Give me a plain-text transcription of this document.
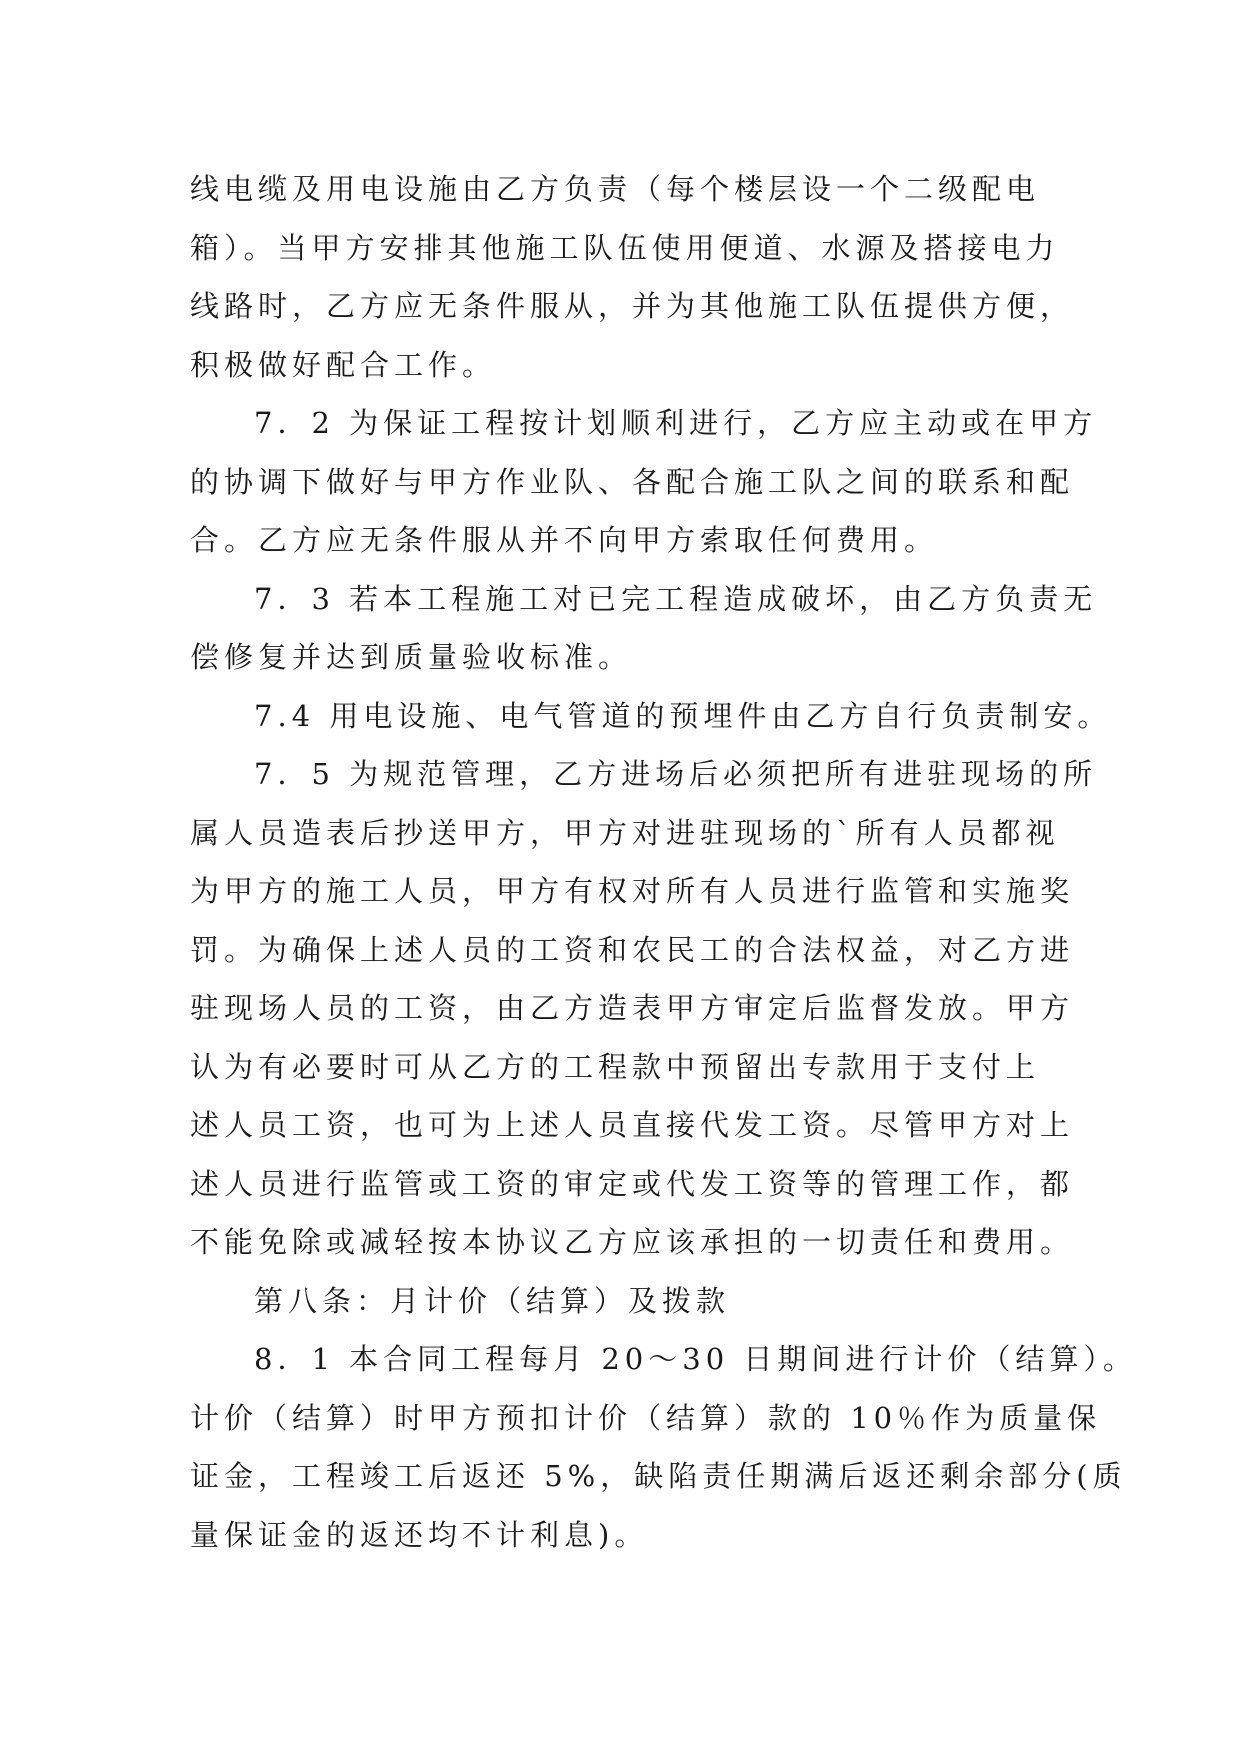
线电缆及用电设施由乙方负责（每个楼层设一个二级配电
箱）。当甲方安排其他施工队伍使用便道、水源及搭接电力
线路时，乙方应无条件服从，并为其他施工队伍提供方便，
积极做好配合工作。
7．2 为保证工程按计划顺利进行，乙方应主动或在甲方
的协调下做好与甲方作业队、各配合施工队之间的联系和配
合。乙方应无条件服从并不向甲方索取任何费用。
7．3 若本工程施工对已完工程造成破坏，由乙方负责无
偿修复并达到质量验收标准。
7.4 用电设施、电气管道的预埋件由乙方自行负责制安。
7．5 为规范管理，乙方进场后必须把所有进驻现场的所
属人员造表后抄送甲方，甲方对进驻现场的`所有人员都视
为甲方的施工人员，甲方有权对所有人员进行监管和实施奖
罚。为确保上述人员的工资和农民工的合法权益，对乙方进
驻现场人员的工资，由乙方造表甲方审定后监督发放。甲方
认为有必要时可从乙方的工程款中预留出专款用于支付上
述人员工资，也可为上述人员直接代发工资。尽管甲方对上
述人员进行监管或工资的审定或代发工资等的管理工作，都
不能免除或减轻按本协议乙方应该承担的一切责任和费用。
第八条：月计价（结算）及拨款
8．1 本合同工程每月 20～30 日期间进行计价（结算）。
计价（结算）时甲方预扣计价（结算）款的 10％作为质量保
证金，工程竣工后返还 5%，缺陷责任期满后返还剩余部分(质
量保证金的返还均不计利息)。
